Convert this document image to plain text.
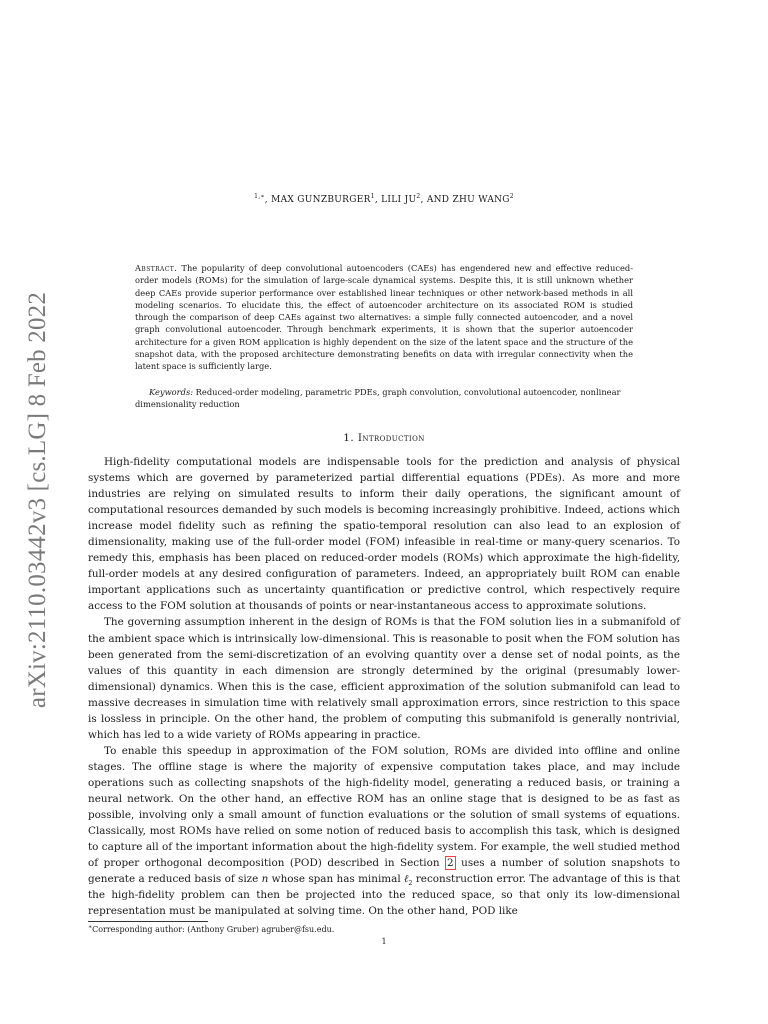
arXiv:2110.03442v3 [cs.LG] 8 Feb 2022
$^{1,∗}$, MAX GUNZBURGER$^1$, LILI $JU^2$, AND ZHU WANG$^2$
Abstract. The popularity of deep convolutional autoencoders (CAEs) has engendered new and effective reduced-order models (ROMs) for the simulation of large-scale dynamical systems. Despite this, it is still unknown whether deep CAEs provide superior performance over established linear techniques or other network-based methods in all modeling scenarios. To elucidate this, the effect of autoencoder architecture on its associated ROM is studied through the comparison of deep CAEs against two alternatives: a simple fully connected autoencoder, and a novel graph convolutional autoencoder. Through benchmark experiments, it is shown that the superior autoencoder architecture for a given ROM application is highly dependent on the size of the latent space and the structure of the snapshot data, with the proposed architecture demonstrating benefits on data with irregular connectivity when the latent space is sufficiently large.
Keywords: Reduced-order modeling, parametric PDEs, graph convolution, convolutional autoencoder, nonlinear dimensionality reduction
1. Introduction

High-fidelity computational models are indispensable tools for the prediction and analysis of physical systems which are governed by parameterized partial differential equations (PDEs). As more and more industries are relying on simulated results to inform their daily operations, the significant amount of computational resources demanded by such models is becoming increasingly prohibitive. Indeed, actions which increase model fidelity such as refining the spatio-temporal resolution can also lead to an explosion of dimensionality, making use of the full-order model (FOM) infeasible in real-time or many-query scenarios. To remedy this, emphasis has been placed on reduced-order models (ROMs) which approximate the high-fidelity, full-order models at any desired configuration of parameters. Indeed, an appropriately built ROM can enable important applications such as uncertainty quantification or predictive control, which respectively require access to the FOM solution at thousands of points or near-instantaneous access to approximate solutions.

The governing assumption inherent in the design of ROMs is that the FOM solution lies in a submanifold of the ambient space which is intrinsically low-dimensional. This is reasonable to posit when the FOM solution has been generated from the semi-discretization of an evolving quantity over a dense set of nodal points, as the values of this quantity in each dimension are strongly determined by the original (presumably lower-dimensional) dynamics. When this is the case, efficient approximation of the solution submanifold can lead to massive decreases in simulation time with relatively small approximation errors, since restriction to this space is lossless in principle. On the other hand, the problem of computing this submanifold is generally nontrivial, which has led to a wide variety of ROMs appearing in practice.

To enable this speedup in approximation of the FOM solution, ROMs are divided into offline and online stages. The offline stage is where the majority of expensive computation takes place, and may include operations such as collecting snapshots of the high-fidelity model, generating a reduced basis, or training a neural network. On the other hand, an effective ROM has an online stage that is designed to be as fast as possible, involving only a small amount of function evaluations or the solution of small systems of equations. Classically, most ROMs have relied on some notion of reduced basis to accomplish this task, which is designed to capture all of the important information about the high-fidelity system. For example, the well studied method of proper orthogonal decomposition (POD) described in Section 2 uses a number of solution snapshots to generate a reduced basis of size n whose span has minimal ℓ$_2$ reconstruction error. The advantage of this is that the high-fidelity problem can then be projected into the reduced space, so that only its low-dimensional representation must be manipulated at solving time. On the other hand, POD like

∗Corresponding author: (Anthony Gruber) agruber@fsu.edu.
1
